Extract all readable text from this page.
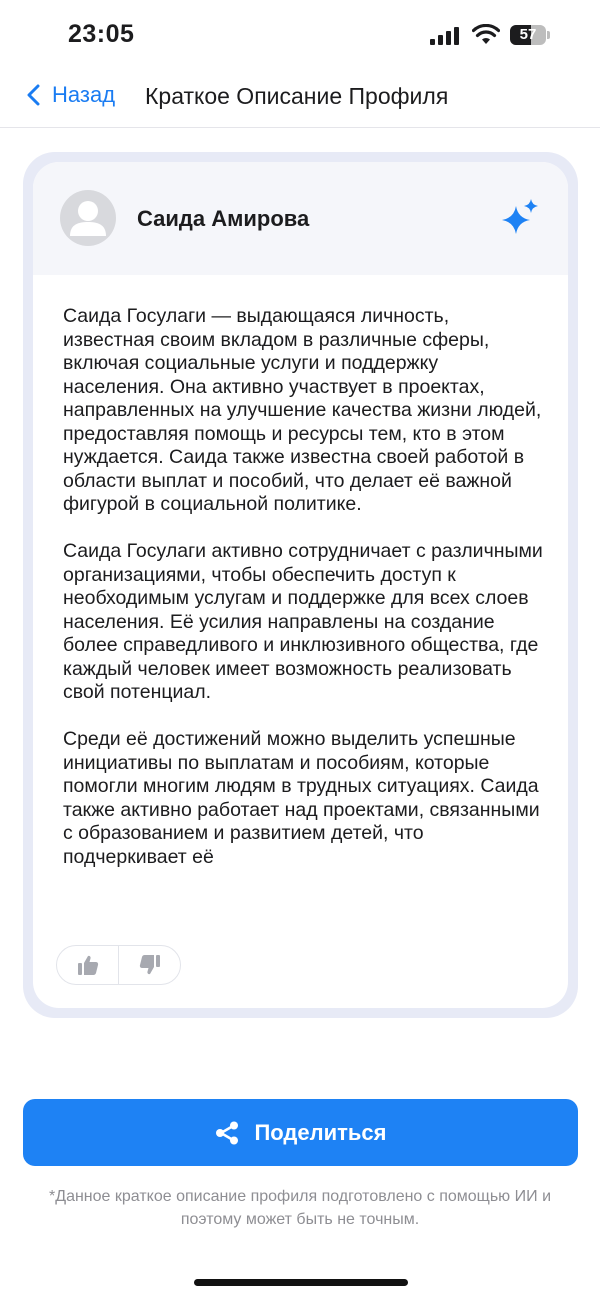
23:05	57
Назад Краткое Описание Профиля
Саида Амирова

Саида Госулаги — выдающаяся личность, известная своим вкладом в различные сферы, включая социальные услуги и поддержку населения. Она активно участвует в проектах, направленных на улучшение качества жизни людей, предоставляя помощь и ресурсы тем, кто в этом нуждается. Саида также известна своей работой в области выплат и пособий, что делает её важной фигурой в социальной политике.

Саида Госулаги активно сотрудничает с различными организациями, чтобы обеспечить доступ к необходимым услугам и поддержке для всех слоев населения. Её усилия направлены на создание более справедливого и инклюзивного общества, где каждый человек имеет возможность реализовать свой потенциал.

Среди её достижений можно выделить успешные инициативы по выплатам и пособиям, которые помогли многим людям в трудных ситуациях. Саида также активно работает над проектами, связанными с образованием и развитием детей, что подчеркивает её

Поделиться
*Данное краткое описание профиля подготовлено с помощью ИИ и поэтому может быть не точным.
